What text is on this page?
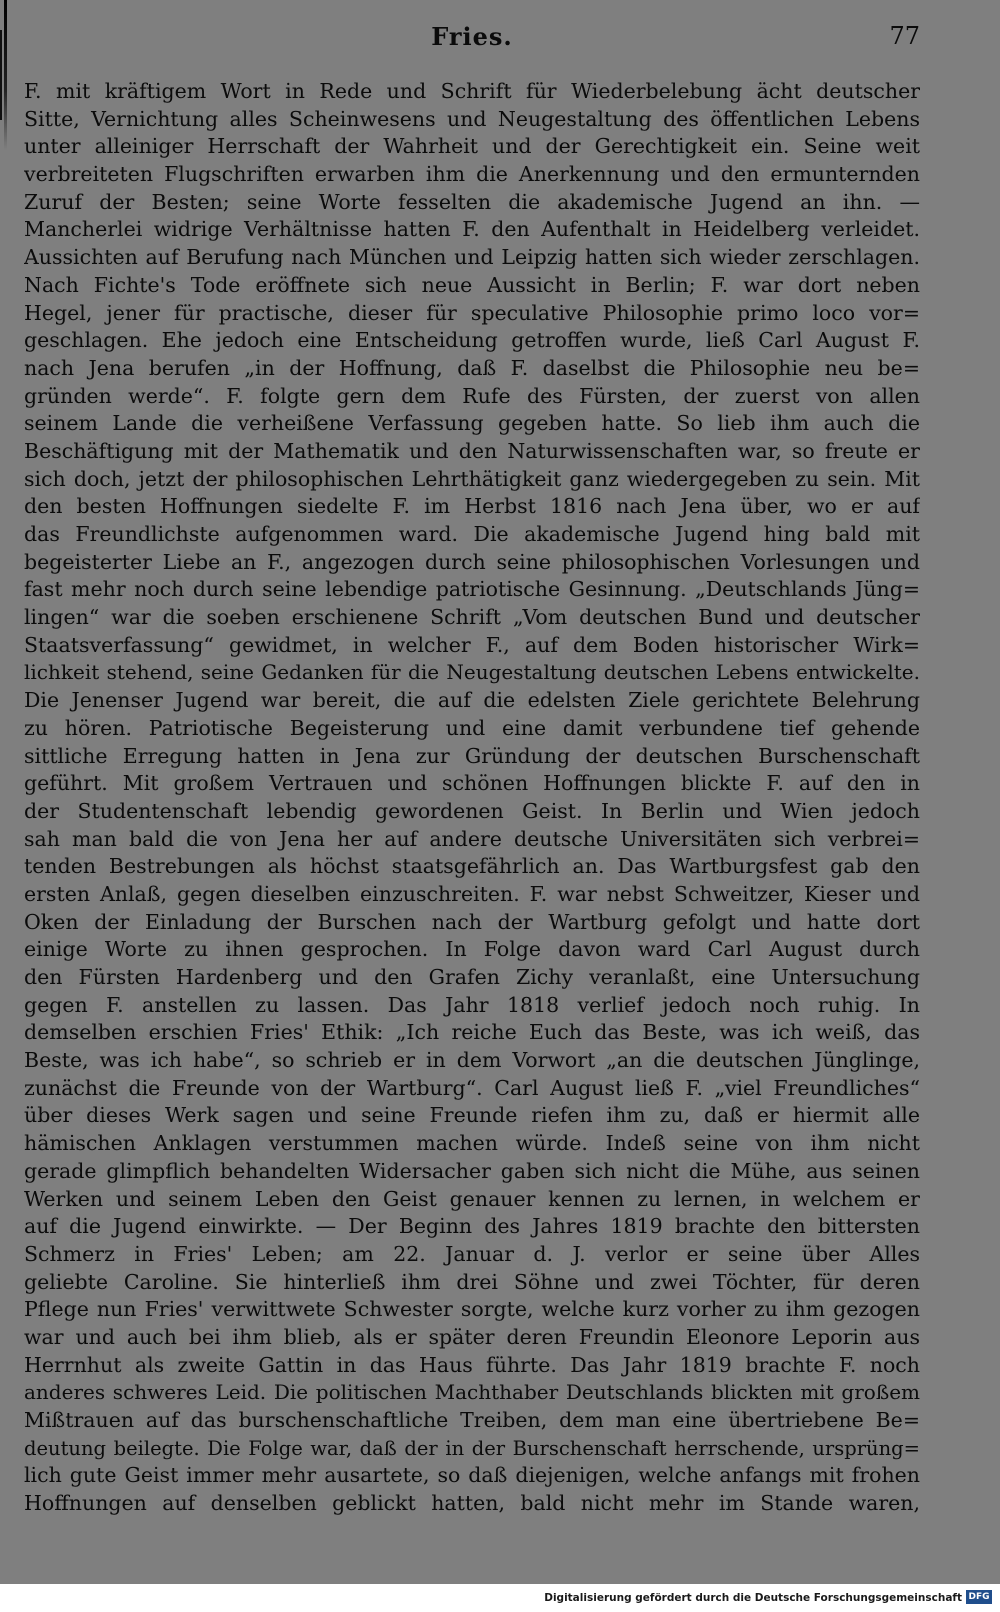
Fries.	77
F. mit kräftigem Wort in Rede und Schrift für Wiederbelebung ächt deutscher
Sitte, Vernichtung alles Scheinwesens und Neugestaltung des öffentlichen Lebens
unter alleiniger Herrschaft der Wahrheit und der Gerechtigkeit ein. Seine weit
verbreiteten Flugschriften erwarben ihm die Anerkennung und den ermunternden
Zuruf der Besten; seine Worte fesselten die akademische Jugend an ihn. —
Mancherlei widrige Verhältnisse hatten F. den Aufenthalt in Heidelberg verleidet.
Aussichten auf Berufung nach München und Leipzig hatten sich wieder zerschlagen.
Nach Fichte's Tode eröffnete sich neue Aussicht in Berlin; F. war dort neben
Hegel, jener für practische, dieser für speculative Philosophie primo loco vor=
geschlagen. Ehe jedoch eine Entscheidung getroffen wurde, ließ Carl August F.
nach Jena berufen „in der Hoffnung, daß F. daselbst die Philosophie neu be=
gründen werde“. F. folgte gern dem Rufe des Fürsten, der zuerst von allen
seinem Lande die verheißene Verfassung gegeben hatte. So lieb ihm auch die
Beschäftigung mit der Mathematik und den Naturwissenschaften war, so freute er
sich doch, jetzt der philosophischen Lehrthätigkeit ganz wiedergegeben zu sein. Mit
den besten Hoffnungen siedelte F. im Herbst 1816 nach Jena über, wo er auf
das Freundlichste aufgenommen ward. Die akademische Jugend hing bald mit
begeisterter Liebe an F., angezogen durch seine philosophischen Vorlesungen und
fast mehr noch durch seine lebendige patriotische Gesinnung. „Deutschlands Jüng=
lingen“ war die soeben erschienene Schrift „Vom deutschen Bund und deutscher
Staatsverfassung“ gewidmet, in welcher F., auf dem Boden historischer Wirk=
lichkeit stehend, seine Gedanken für die Neugestaltung deutschen Lebens entwickelte.
Die Jenenser Jugend war bereit, die auf die edelsten Ziele gerichtete Belehrung
zu hören. Patriotische Begeisterung und eine damit verbundene tief gehende
sittliche Erregung hatten in Jena zur Gründung der deutschen Burschenschaft
geführt. Mit großem Vertrauen und schönen Hoffnungen blickte F. auf den in
der Studentenschaft lebendig gewordenen Geist. In Berlin und Wien jedoch
sah man bald die von Jena her auf andere deutsche Universitäten sich verbrei=
tenden Bestrebungen als höchst staatsgefährlich an. Das Wartburgsfest gab den
ersten Anlaß, gegen dieselben einzuschreiten. F. war nebst Schweitzer, Kieser und
Oken der Einladung der Burschen nach der Wartburg gefolgt und hatte dort
einige Worte zu ihnen gesprochen. In Folge davon ward Carl August durch
den Fürsten Hardenberg und den Grafen Zichy veranlaßt, eine Untersuchung
gegen F. anstellen zu lassen. Das Jahr 1818 verlief jedoch noch ruhig. In
demselben erschien Fries' Ethik: „Ich reiche Euch das Beste, was ich weiß, das
Beste, was ich habe“, so schrieb er in dem Vorwort „an die deutschen Jünglinge,
zunächst die Freunde von der Wartburg“. Carl August ließ F. „viel Freundliches“
über dieses Werk sagen und seine Freunde riefen ihm zu, daß er hiermit alle
hämischen Anklagen verstummen machen würde. Indeß seine von ihm nicht
gerade glimpflich behandelten Widersacher gaben sich nicht die Mühe, aus seinen
Werken und seinem Leben den Geist genauer kennen zu lernen, in welchem er
auf die Jugend einwirkte. — Der Beginn des Jahres 1819 brachte den bittersten
Schmerz in Fries' Leben; am 22. Januar d. J. verlor er seine über Alles
geliebte Caroline. Sie hinterließ ihm drei Söhne und zwei Töchter, für deren
Pflege nun Fries' verwittwete Schwester sorgte, welche kurz vorher zu ihm gezogen
war und auch bei ihm blieb, als er später deren Freundin Eleonore Leporin aus
Herrnhut als zweite Gattin in das Haus führte. Das Jahr 1819 brachte F. noch
anderes schweres Leid. Die politischen Machthaber Deutschlands blickten mit großem
Mißtrauen auf das burschenschaftliche Treiben, dem man eine übertriebene Be=
deutung beilegte. Die Folge war, daß der in der Burschenschaft herrschende, ursprüng=
lich gute Geist immer mehr ausartete, so daß diejenigen, welche anfangs mit frohen
Hoffnungen auf denselben geblickt hatten, bald nicht mehr im Stande waren,
Digitalisierung gefördert durch die Deutsche Forschungsgemeinschaft DFG
